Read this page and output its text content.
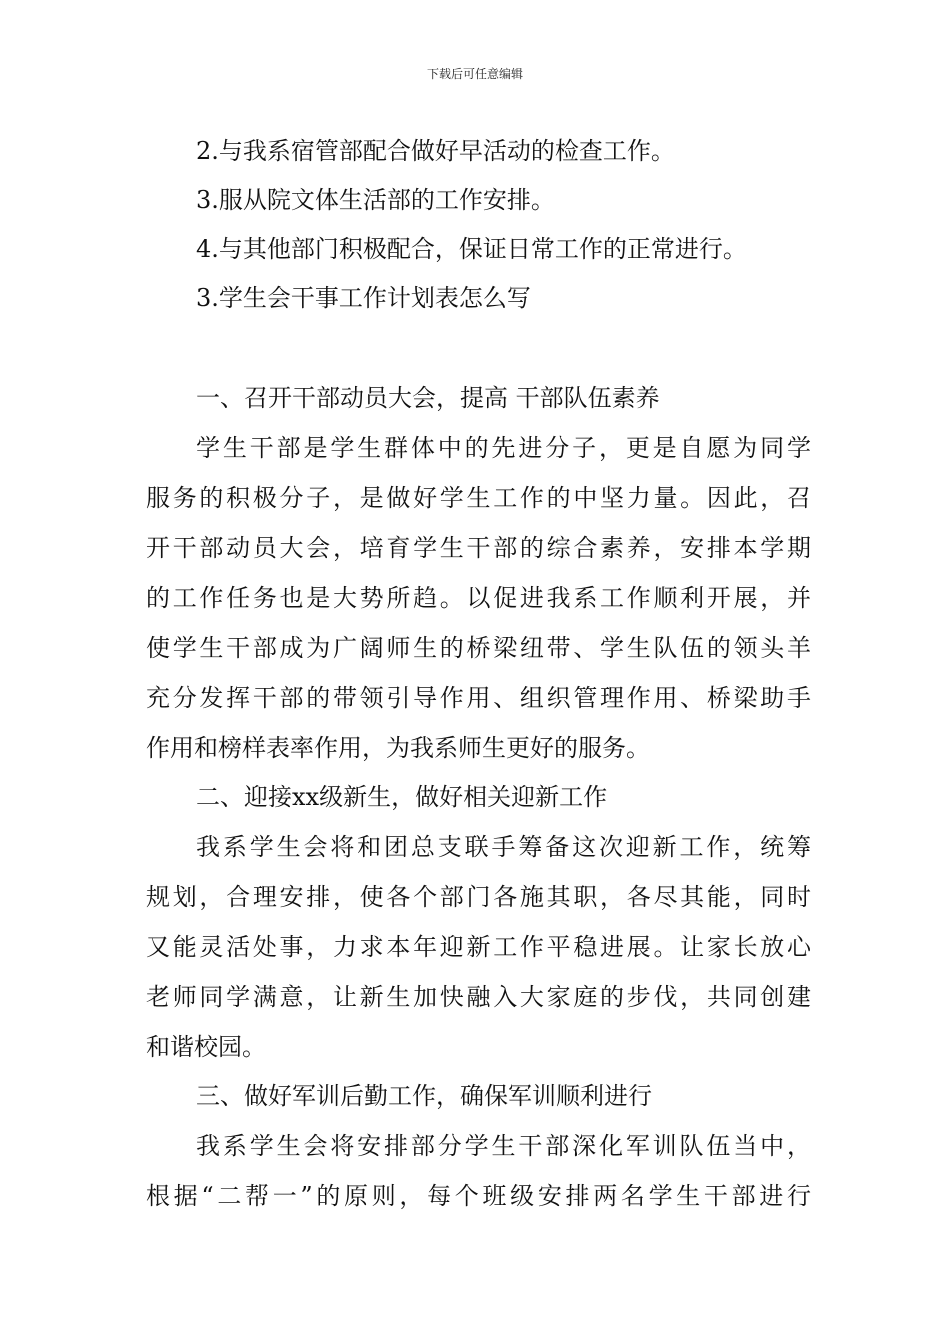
下载后可任意编辑
2.与我系宿管部配合做好早活动的检查工作。
3.服从院文体生活部的工作安排。
4.与其他部门积极配合，保证日常工作的正常进行。
3.学生会干事工作计划表怎么写
一、召开干部动员大会，提高 干部队伍素养
学生干部是学生群体中的先进分子，更是自愿为同学
服务的积极分子，是做好学生工作的中坚力量。因此，召
开干部动员大会，培育学生干部的综合素养，安排本学期
的工作任务也是大势所趋。以促进我系工作顺利开展，并
使学生干部成为广阔师生的桥梁纽带、学生队伍的领头羊
充分发挥干部的带领引导作用、组织管理作用、桥梁助手
作用和榜样表率作用，为我系师生更好的服务。
二、迎接xx级新生，做好相关迎新工作
我系学生会将和团总支联手筹备这次迎新工作，统筹
规划，合理安排，使各个部门各施其职，各尽其能，同时
又能灵活处事，力求本年迎新工作平稳进展。让家长放心
老师同学满意，让新生加快融入大家庭的步伐，共同创建
和谐校园。
三、做好军训后勤工作，确保军训顺利进行
我系学生会将安排部分学生干部深化军训队伍当中，
根据“二帮一”的原则，每个班级安排两名学生干部进行
